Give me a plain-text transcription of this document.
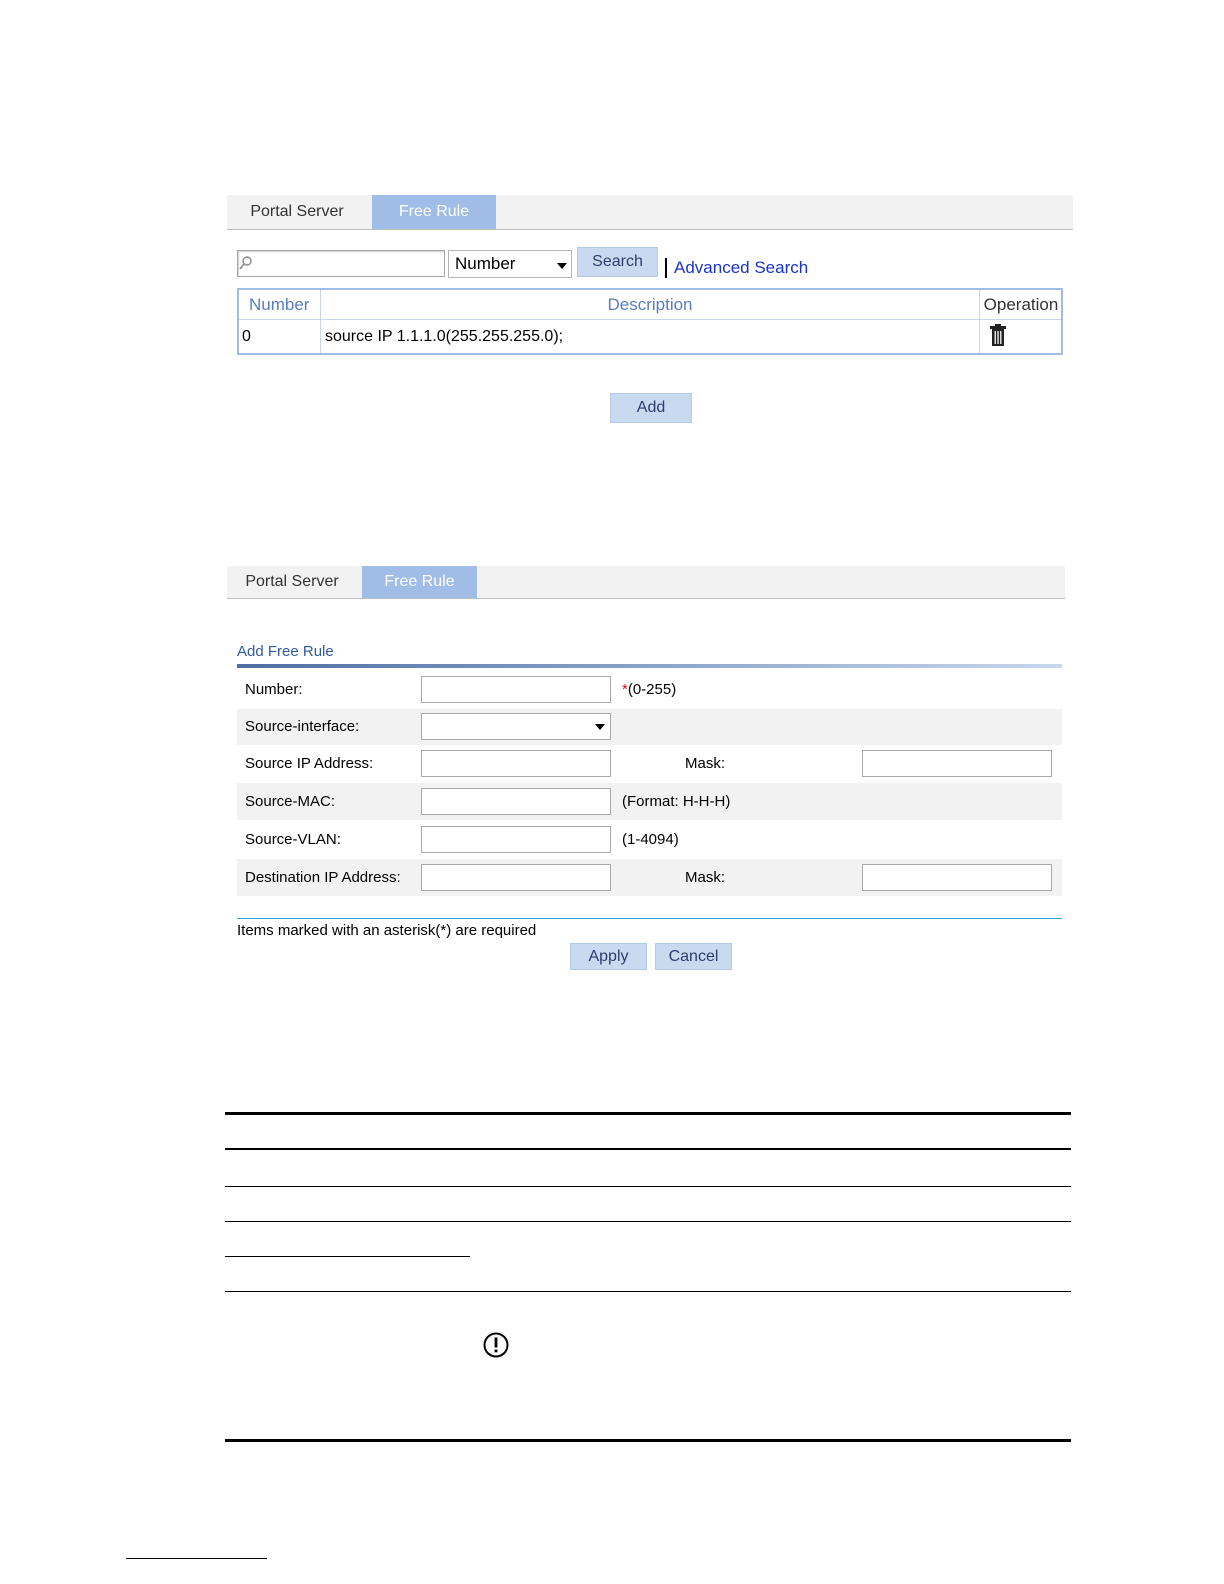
Portal Server	Free Rule
Number	Search	Advanced Search
Number	Description	Operation
0	source IP 1.1.1.0(255.255.255.0);
Add
Portal Server	Free Rule
Add Free Rule
Number:	*(0-255)
Source-interface:
Source IP Address:	Mask:
Source-MAC:	(Format: H-H-H)
Source-VLAN:	(1-4094)
Destination IP Address:	Mask:
Items marked with an asterisk(*) are required
Apply	Cancel
